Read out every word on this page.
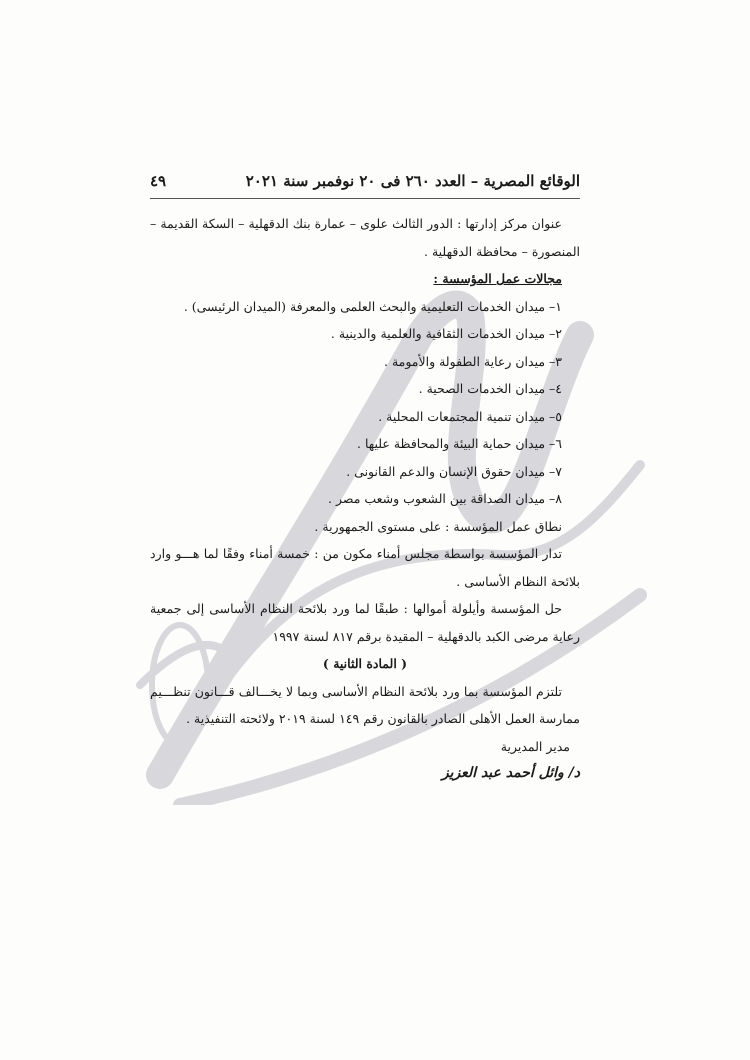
الوقائع المصرية – العدد ٢٦٠ فى ٢٠ نوفمبر سنة ٢٠٢١
٤٩
عنوان مركز إدارتها : الدور الثالث علوى – عمارة بنك الدقهلية – السكة القديمة –
المنصورة – محافظة الدقهلية .
مجالات عمل المؤسسة :
١– ميدان الخدمات التعليمية والبحث العلمى والمعرفة (الميدان الرئيسى) .
٢– ميدان الخدمات الثقافية والعلمية والدينية .
٣– ميدان رعاية الطفولة والأمومة .
٤– ميدان الخدمات الصحية .
٥– ميدان تنمية المجتمعات المحلية .
٦– ميدان حماية البيئة والمحافظة عليها .
٧– ميدان حقوق الإنسان والدعم القانونى .
٨– ميدان الصداقة بين الشعوب وشعب مصر .
نطاق عمل المؤسسة : على مستوى الجمهورية .
تدار المؤسسة بواسطة مجلس أمناء مكون من : خمسة أمناء وفقًا لما هـــو وارد
بلائحة النظام الأساسى .
حل المؤسسة وأيلولة أموالها : طبقًا لما ورد بلائحة النظام الأساسى إلى جمعية
رعاية مرضى الكبد بالدقهلية – المقيدة برقم ٨١٧ لسنة ١٩٩٧
( المادة الثانية )
تلتزم المؤسسة بما ورد بلائحة النظام الأساسى وبما لا يخـــالف قـــانون تنظـــيم
ممارسة العمل الأهلى الصادر بالقانون رقم ١٤٩ لسنة ٢٠١٩ ولائحته التنفيذية .
مدير المديرية
د/ وائل أحمد عبد العزيز
